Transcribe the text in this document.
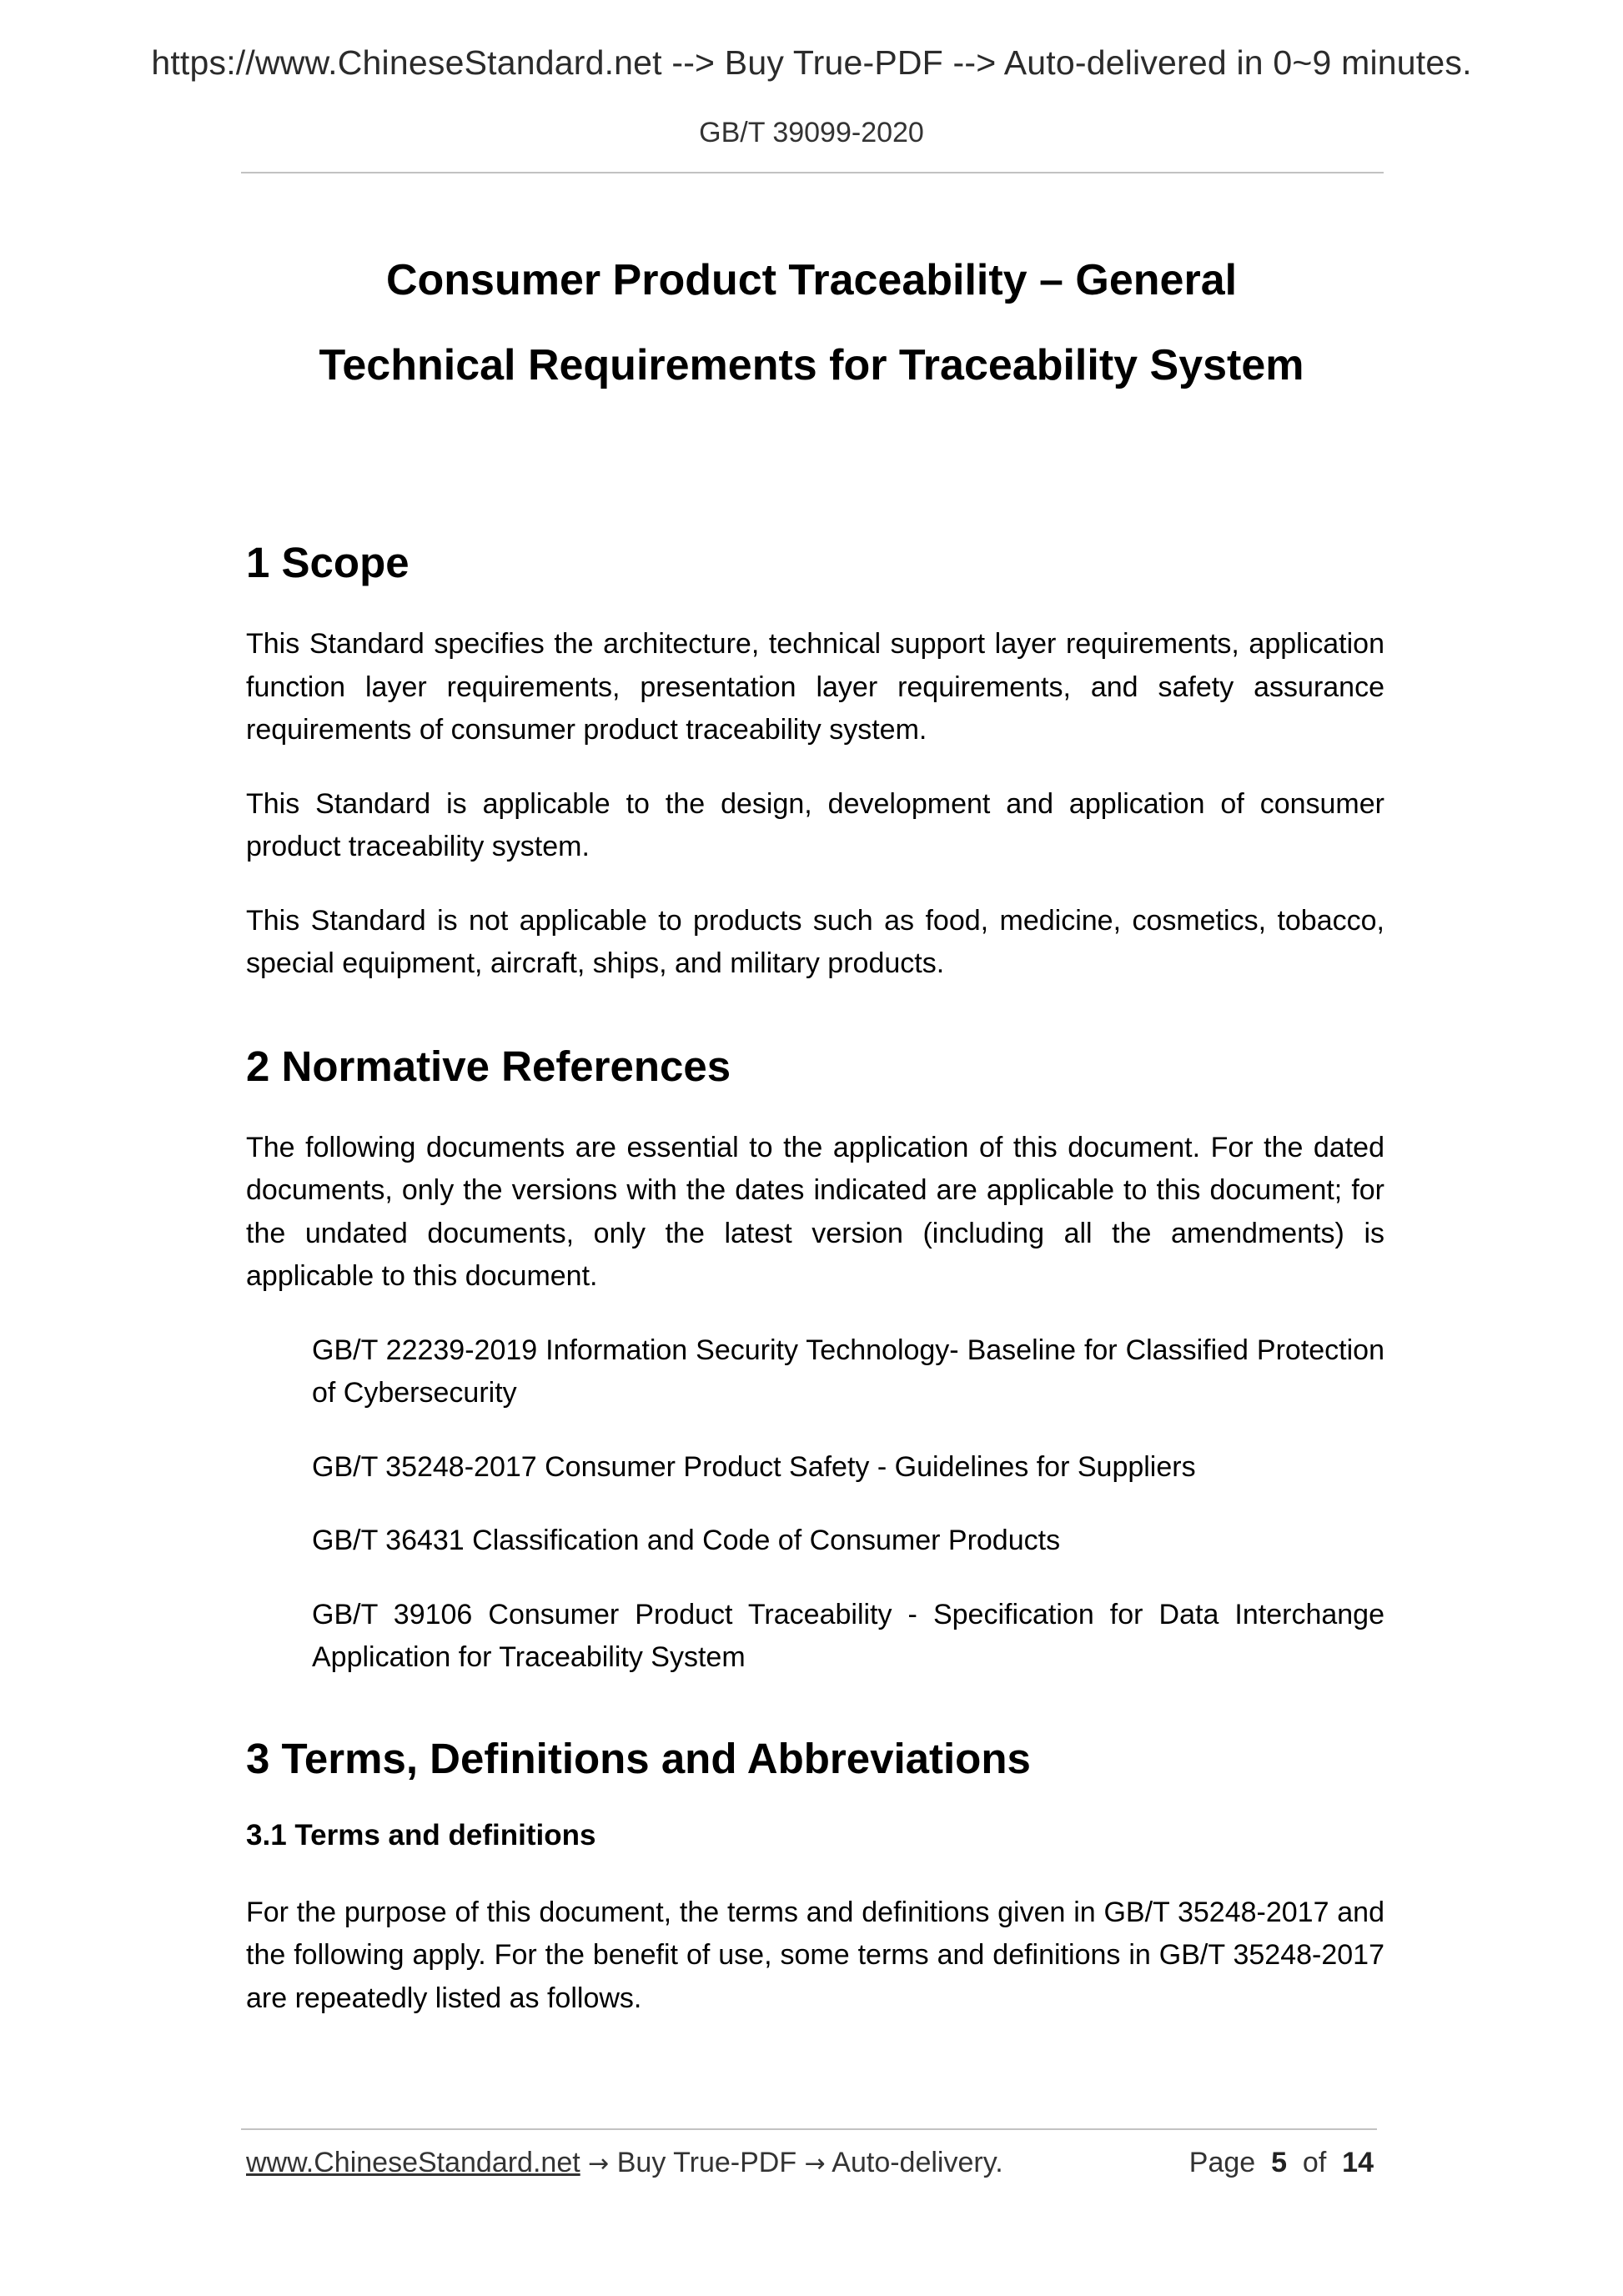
https://www.ChineseStandard.net --> Buy True-PDF --> Auto-delivered in 0~9 minutes.
GB/T 39099-2020
Consumer Product Traceability – General
Technical Requirements for Traceability System
1 Scope

This Standard specifies the architecture, technical support layer requirements, application function layer requirements, presentation layer requirements, and safety assurance requirements of consumer product traceability system.

This Standard is applicable to the design, development and application of consumer product traceability system.

This Standard is not applicable to products such as food, medicine, cosmetics, tobacco, special equipment, aircraft, ships, and military products.

2 Normative References

The following documents are essential to the application of this document. For the dated documents, only the versions with the dates indicated are applicable to this document; for the undated documents, only the latest version (including all the amendments) is applicable to this document.

GB/T 22239-2019 Information Security Technology- Baseline for Classified Protection of Cybersecurity

GB/T 35248-2017 Consumer Product Safety - Guidelines for Suppliers

GB/T 36431 Classification and Code of Consumer Products

GB/T 39106 Consumer Product Traceability - Specification for Data Interchange Application for Traceability System

3 Terms, Definitions and Abbreviations
3.1 Terms and definitions

For the purpose of this document, the terms and definitions given in GB/T 35248-2017 and the following apply. For the benefit of use, some terms and definitions in GB/T 35248-2017 are repeatedly listed as follows.

www.ChineseStandard.net → Buy True-PDF → Auto-delivery.	Page 5 of 14
